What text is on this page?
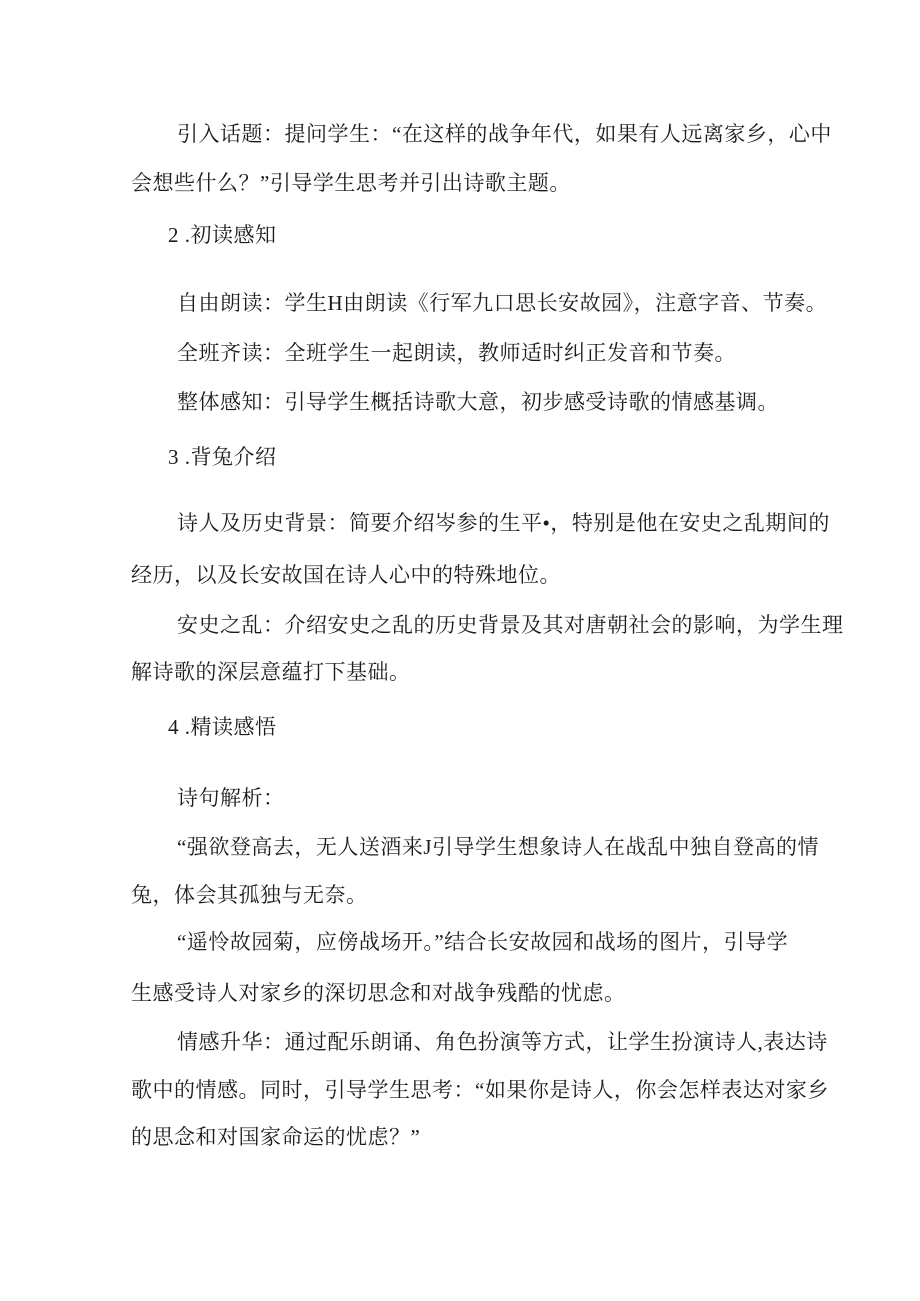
引入话题：提问学生：“在这样的战争年代，如果有人远离家乡，心中
会想些什么？”引导学生思考并引出诗歌主题。
2 .初读感知
自由朗读：学生H由朗读《行军九口思长安故园》，注意字音、节奏。
全班齐读：全班学生一起朗读，教师适时纠正发音和节奏。
整体感知：引导学生概括诗歌大意，初步感受诗歌的情感基调。
3 .背兔介绍
诗人及历史背景：简要介绍岑参的生平•，特别是他在安史之乱期间的
经历，以及长安故国在诗人心中的特殊地位。
安史之乱：介绍安史之乱的历史背景及其对唐朝社会的影响，为学生理
解诗歌的深层意蕴打下基础。
4 .精读感悟
诗句解析：
“强欲登高去，无人送酒来J引导学生想象诗人在战乱中独自登高的情
兔，体会其孤独与无奈。
“遥怜故园菊，应傍战场开。”结合长安故园和战场的图片，引导学
生感受诗人对家乡的深切思念和对战争残酷的忧虑。
情感升华：通过配乐朗诵、角色扮演等方式，让学生扮演诗人,表达诗
歌中的情感。同时，引导学生思考：“如果你是诗人，你会怎样表达对家乡
的思念和对国家命运的忧虑？”
